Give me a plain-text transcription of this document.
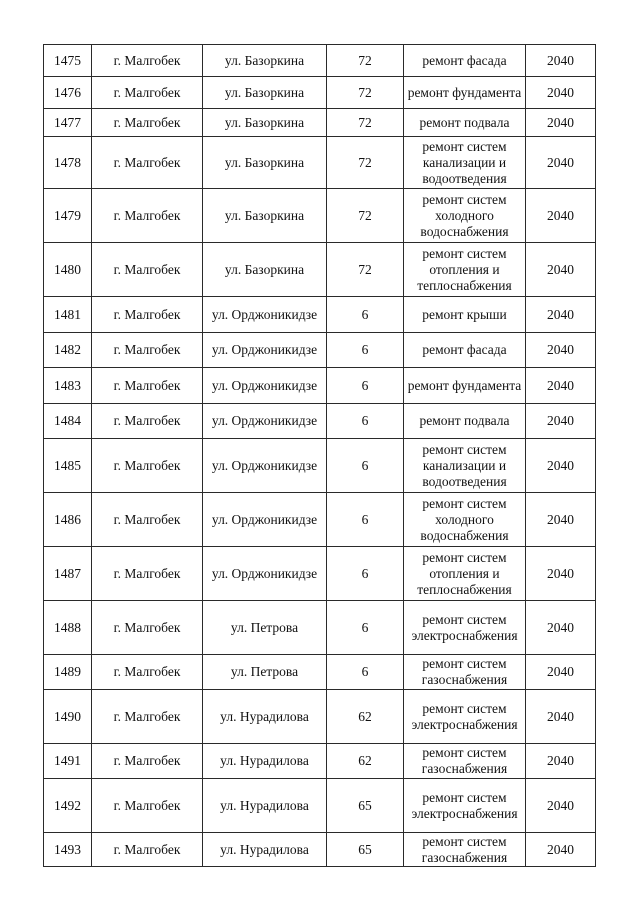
1475	г. Малгобек	ул. Базоркина	72	ремонт фасада	2040
1476	г. Малгобек	ул. Базоркина	72	ремонт фундамента	2040
1477	г. Малгобек	ул. Базоркина	72	ремонт подвала	2040
1478	г. Малгобек	ул. Базоркина	72	ремонт систем канализации и водоотведения	2040
1479	г. Малгобек	ул. Базоркина	72	ремонт систем холодного водоснабжения	2040
1480	г. Малгобек	ул. Базоркина	72	ремонт систем отопления и теплоснабжения	2040
1481	г. Малгобек	ул. Орджоникидзе	6	ремонт крыши	2040
1482	г. Малгобек	ул. Орджоникидзе	6	ремонт фасада	2040
1483	г. Малгобек	ул. Орджоникидзе	6	ремонт фундамента	2040
1484	г. Малгобек	ул. Орджоникидзе	6	ремонт подвала	2040
1485	г. Малгобек	ул. Орджоникидзе	6	ремонт систем канализации и водоотведения	2040
1486	г. Малгобек	ул. Орджоникидзе	6	ремонт систем холодного водоснабжения	2040
1487	г. Малгобек	ул. Орджоникидзе	6	ремонт систем отопления и теплоснабжения	2040
1488	г. Малгобек	ул. Петрова	6	ремонт систем электроснабжения	2040
1489	г. Малгобек	ул. Петрова	6	ремонт систем газоснабжения	2040
1490	г. Малгобек	ул. Нурадилова	62	ремонт систем электроснабжения	2040
1491	г. Малгобек	ул. Нурадилова	62	ремонт систем газоснабжения	2040
1492	г. Малгобек	ул. Нурадилова	65	ремонт систем электроснабжения	2040
1493	г. Малгобек	ул. Нурадилова	65	ремонт систем газоснабжения	2040
